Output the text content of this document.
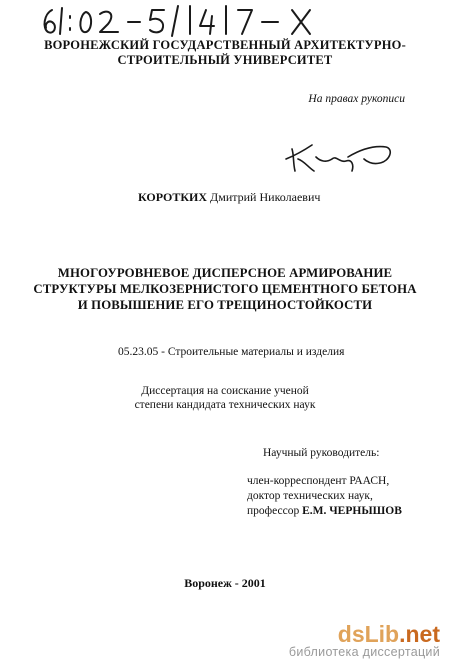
ВОРОНЕЖСКИЙ ГОСУДАРСТВЕННЫЙ АРХИТЕКТУРНО-
СТРОИТЕЛЬНЫЙ УНИВЕРСИТЕТ
На правах рукописи
КОРОТКИХ Дмитрий Николаевич
МНОГОУРОВНЕВОЕ ДИСПЕРСНОЕ АРМИРОВАНИЕ
СТРУКТУРЫ МЕЛКОЗЕРНИСТОГО ЦЕМЕНТНОГО БЕТОНА
И ПОВЫШЕНИЕ ЕГО ТРЕЩИНОСТОЙКОСТИ
05.23.05 - Строительные материалы и изделия
Диссертация на соискание ученой
степени кандидата технических наук
Научный руководитель:
член-корреспондент РААСН,
доктор технических наук,
профессор Е.М. ЧЕРНЫШОВ
Воронеж - 2001
dsLib.net
библиотека диссертаций
